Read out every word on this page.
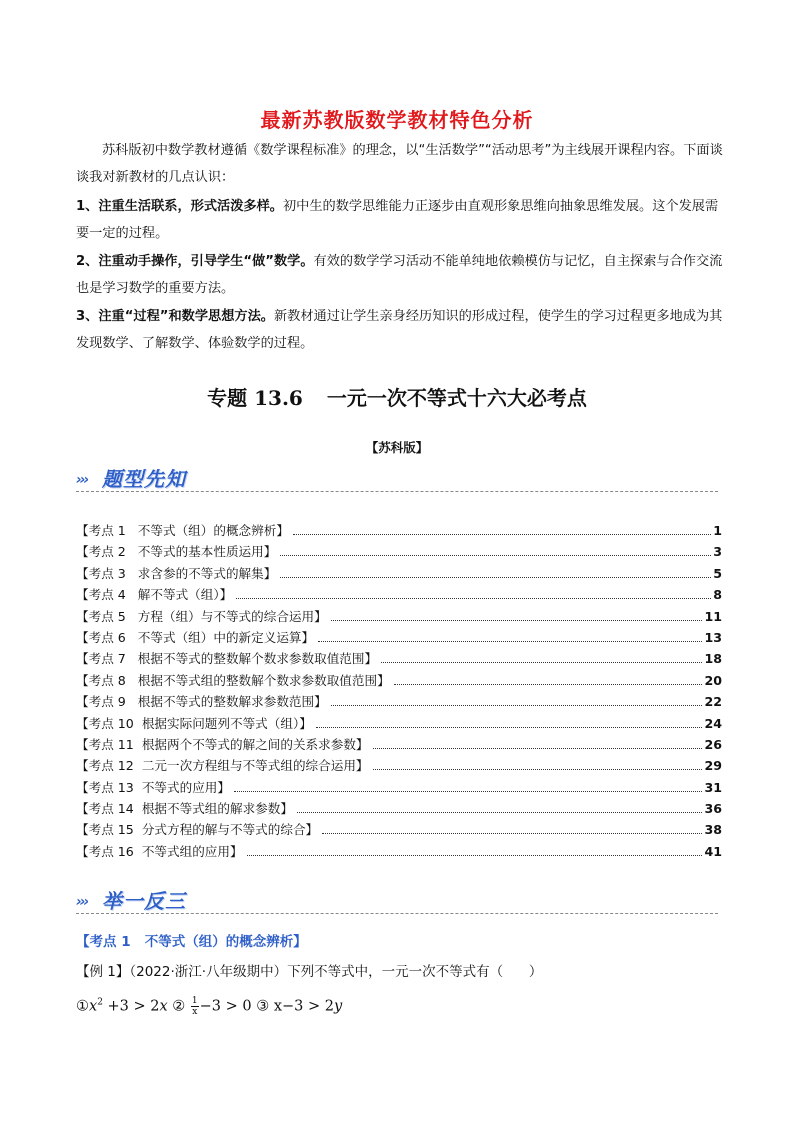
最新苏教版数学教材特色分析
苏科版初中数学教材遵循《数学课程标准》的理念，以“生活数学”“活动思考”为主线展开课程内容。下面谈谈我对新教材的几点认识：
1、注重生活联系，形式活泼多样。初中生的数学思维能力正逐步由直观形象思维向抽象思维发展。这个发展需要一定的过程。
2、注重动手操作，引导学生“做”数学。有效的数学学习活动不能单纯地依赖模仿与记忆，自主探索与合作交流也是学习数学的重要方法。
3、注重“过程”和数学思想方法。新教材通过让学生亲身经历知识的形成过程，使学生的学习过程更多地成为其发现数学、了解数学、体验数学的过程。
专题 13.6 一元一次不等式十六大必考点
【苏科版】
››› 题型先知
【考点 1   不等式（组）的概念辨析】	1
【考点 2   不等式的基本性质运用】	3
【考点 3   求含参的不等式的解集】	5
【考点 4   解不等式（组）】	8
【考点 5   方程（组）与不等式的综合运用】	11
【考点 6   不等式（组）中的新定义运算】	13
【考点 7   根据不等式的整数解个数求参数取值范围】	18
【考点 8   根据不等式组的整数解个数求参数取值范围】	20
【考点 9   根据不等式的整数解求参数范围】	22
【考点 10  根据实际问题列不等式（组）】	24
【考点 11  根据两个不等式的解之间的关系求参数】	26
【考点 12  二元一次方程组与不等式组的综合运用】	29
【考点 13  不等式的应用】	31
【考点 14  根据不等式组的解求参数】	36
【考点 15  分式方程的解与不等式的综合】	38
【考点 16  不等式组的应用】	41
››› 举一反三
【考点 1   不等式（组）的概念辨析】
【例 1】（2022·浙江·八年级期中）下列不等式中，一元一次不等式有（      ）
$①x^2 +3 > 2x$ ② $\frac{1}{x} -3 > 0$ ③ x−3 > 2y
